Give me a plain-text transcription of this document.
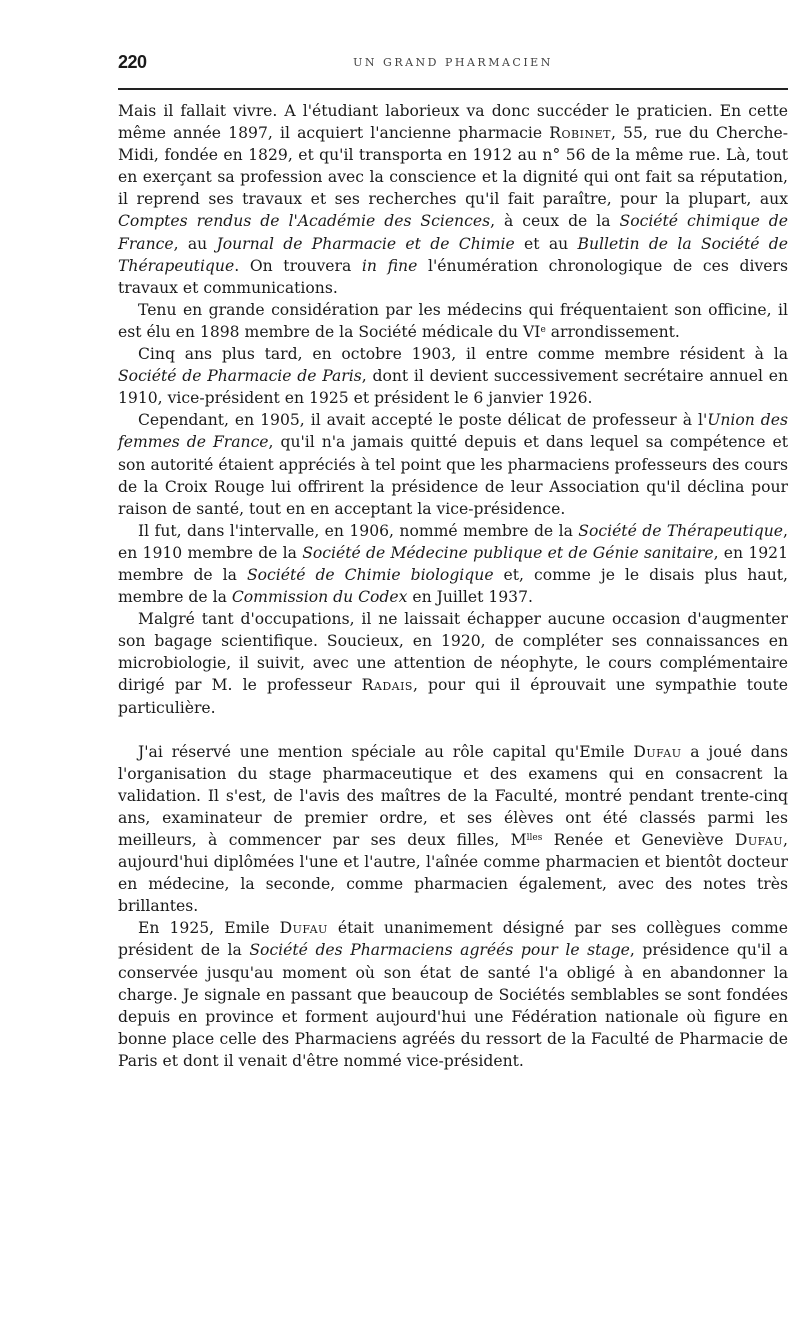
220	UN GRAND PHARMACIEN

Mais il fallait vivre. A l'étudiant laborieux va donc succéder le praticien. En cette même année 1897, il acquiert l'ancienne pharmacie Robinet, 55, rue du Cherche-Midi, fondée en 1829, et qu'il transporta en 1912 au n° 56 de la même rue. Là, tout en exerçant sa profession avec la conscience et la dignité qui ont fait sa réputation, il reprend ses travaux et ses recherches qu'il fait paraître, pour la plupart, aux Comptes rendus de l'Académie des Sciences, à ceux de la Société chimique de France, au Journal de Pharmacie et de Chimie et au Bulletin de la Société de Thérapeutique. On trouvera in fine l'énumération chronologique de ces divers travaux et communications.

Tenu en grande considération par les médecins qui fréquentaient son officine, il est élu en 1898 membre de la Société médicale du VIe arrondissement.

Cinq ans plus tard, en octobre 1903, il entre comme membre résident à la Société de Pharmacie de Paris, dont il devient successivement secrétaire annuel en 1910, vice-président en 1925 et président le 6 janvier 1926.

Cependant, en 1905, il avait accepté le poste délicat de professeur à l'Union des femmes de France, qu'il n'a jamais quitté depuis et dans lequel sa compétence et son autorité étaient appréciés à tel point que les pharmaciens professeurs des cours de la Croix Rouge lui offrirent la présidence de leur Association qu'il déclina pour raison de santé, tout en en acceptant la vice-présidence.

Il fut, dans l'intervalle, en 1906, nommé membre de la Société de Thérapeutique, en 1910 membre de la Société de Médecine publique et de Génie sanitaire, en 1921 membre de la Société de Chimie biologique et, comme je le disais plus haut, membre de la Commission du Codex en Juillet 1937.

Malgré tant d'occupations, il ne laissait échapper aucune occasion d'augmenter son bagage scientifique. Soucieux, en 1920, de compléter ses connaissances en microbiologie, il suivit, avec une attention de néophyte, le cours complémentaire dirigé par M. le professeur Radais, pour qui il éprouvait une sympathie toute particulière.

J'ai réservé une mention spéciale au rôle capital qu'Emile Dufau a joué dans l'organisation du stage pharmaceutique et des examens qui en consacrent la validation. Il s'est, de l'avis des maîtres de la Faculté, montré pendant trente-cinq ans, examinateur de premier ordre, et ses élèves ont été classés parmi les meilleurs, à commencer par ses deux filles, $M^{lles}$ Renée et Geneviève Dufau, aujourd'hui diplômées l'une et l'autre, l'aînée comme pharmacien et bientôt docteur en médecine, la seconde, comme pharmacien également, avec des notes très brillantes.

En 1925, Emile Dufau était unanimement désigné par ses collègues comme président de la Société des Pharmaciens agréés pour le stage, présidence qu'il a conservée jusqu'au moment où son état de santé l'a obligé à en abandonner la charge. Je signale en passant que beaucoup de Sociétés semblables se sont fondées depuis en province et forment aujourd'hui une Fédération nationale où figure en bonne place celle des Pharmaciens agréés du ressort de la Faculté de Pharmacie de Paris et dont il venait d'être nommé vice-président.
